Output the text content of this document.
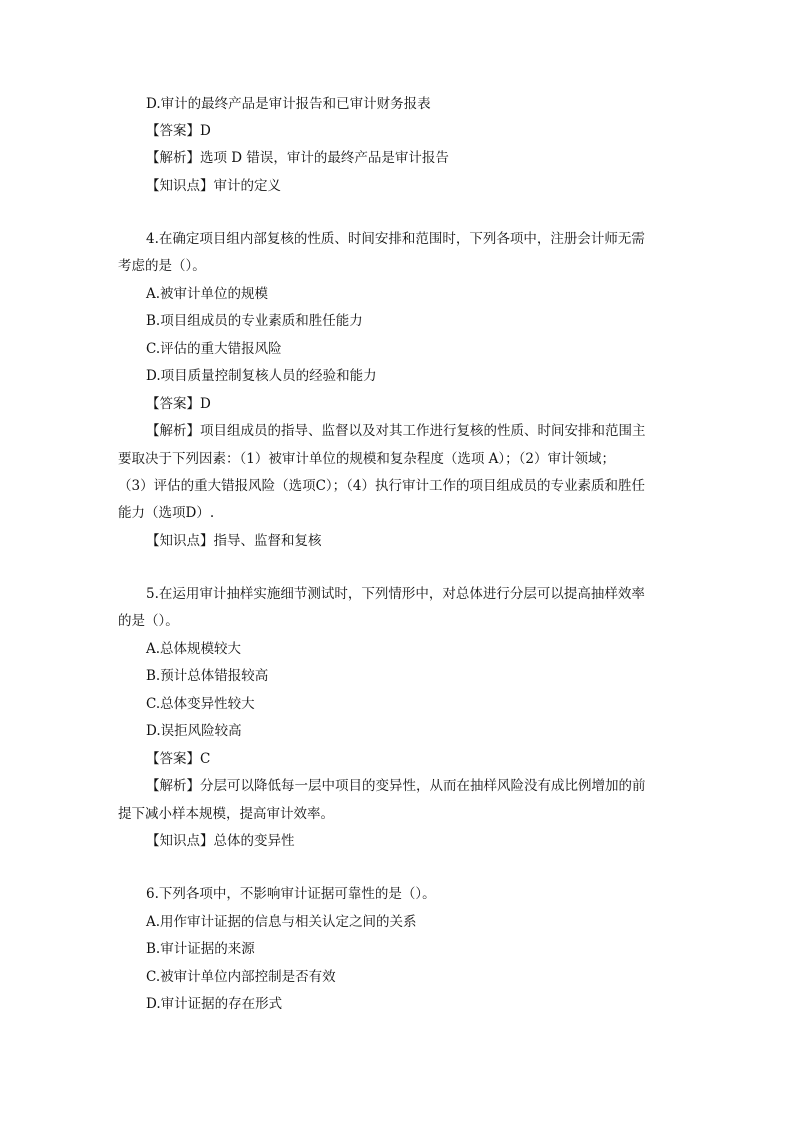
D.审计的最终产品是审计报告和已审计财务报表
【答案】D
【解析】选项 D 错误，审计的最终产品是审计报告
【知识点】审计的定义
4.在确定项目组内部复核的性质、时间安排和范围时，下列各项中，注册会计师无需
考虑的是（）。
A.被审计单位的规模
B.项目组成员的专业素质和胜任能力
C.评估的重大错报风险
D.项目质量控制复核人员的经验和能力
【答案】D
【解析】项目组成员的指导、监督以及对其工作进行复核的性质、时间安排和范围主
要取决于下列因素：（1）被审计单位的规模和复杂程度（选项 A）；（2）审计领域；
（3）评估的重大错报风险（选项C）；（4）执行审计工作的项目组成员的专业素质和胜任
能力（选项D）.
【知识点】指导、监督和复核
5.在运用审计抽样实施细节测试时，下列情形中，对总体进行分层可以提高抽样效率
的是（）。
A.总体规模较大
B.预计总体错报较高
C.总体变异性较大
D.误拒风险较高
【答案】C
【解析】分层可以降低每一层中项目的变异性，从而在抽样风险没有成比例增加的前
提下减小样本规模，提高审计效率。
【知识点】总体的变异性
6.下列各项中，不影响审计证据可靠性的是（）。
A.用作审计证据的信息与相关认定之间的关系
B.审计证据的来源
C.被审计单位内部控制是否有效
D.审计证据的存在形式
